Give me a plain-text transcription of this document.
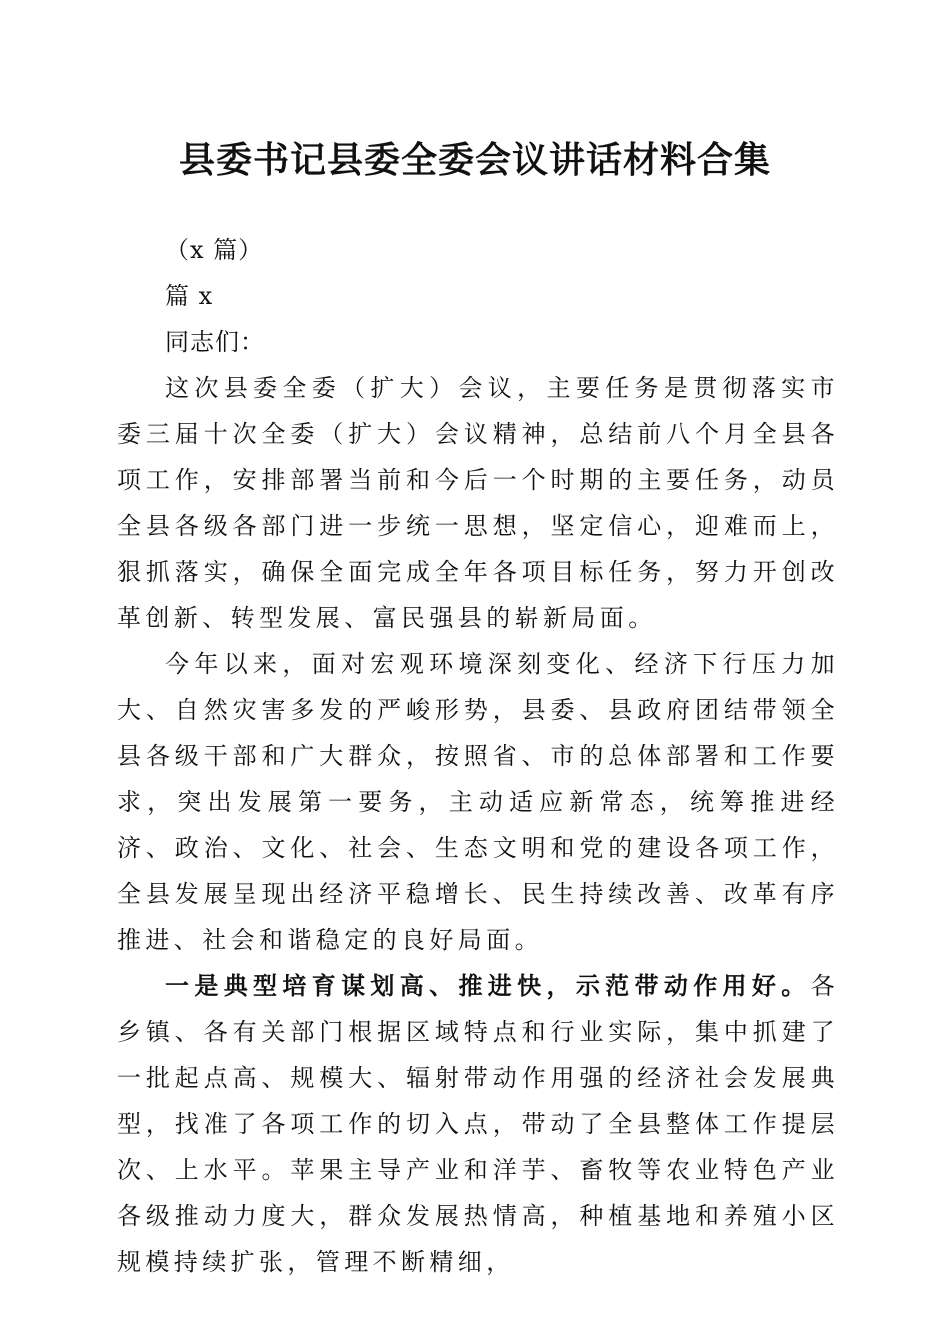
县委书记县委全委会议讲话材料合集

（x 篇）

篇 x

同志们：

这次县委全委（扩大）会议，主要任务是贯彻落实市委三届十次全委（扩大）会议精神，总结前八个月全县各项工作，安排部署当前和今后一个时期的主要任务，动员全县各级各部门进一步统一思想，坚定信心，迎难而上，狠抓落实，确保全面完成全年各项目标任务，努力开创改革创新、转型发展、富民强县的崭新局面。

今年以来，面对宏观环境深刻变化、经济下行压力加大、自然灾害多发的严峻形势，县委、县政府团结带领全县各级干部和广大群众，按照省、市的总体部署和工作要求，突出发展第一要务，主动适应新常态，统筹推进经济、政治、文化、社会、生态文明和党的建设各项工作，全县发展呈现出经济平稳增长、民生持续改善、改革有序推进、社会和谐稳定的良好局面。

一是典型培育谋划高、推进快，示范带动作用好。各乡镇、各有关部门根据区域特点和行业实际，集中抓建了一批起点高、规模大、辐射带动作用强的经济社会发展典型，找准了各项工作的切入点，带动了全县整体工作提层次、上水平。苹果主导产业和洋芋、畜牧等农业特色产业各级推动力度大，群众发展热情高，种植基地和养殖小区规模持续扩张，管理不断精细，
